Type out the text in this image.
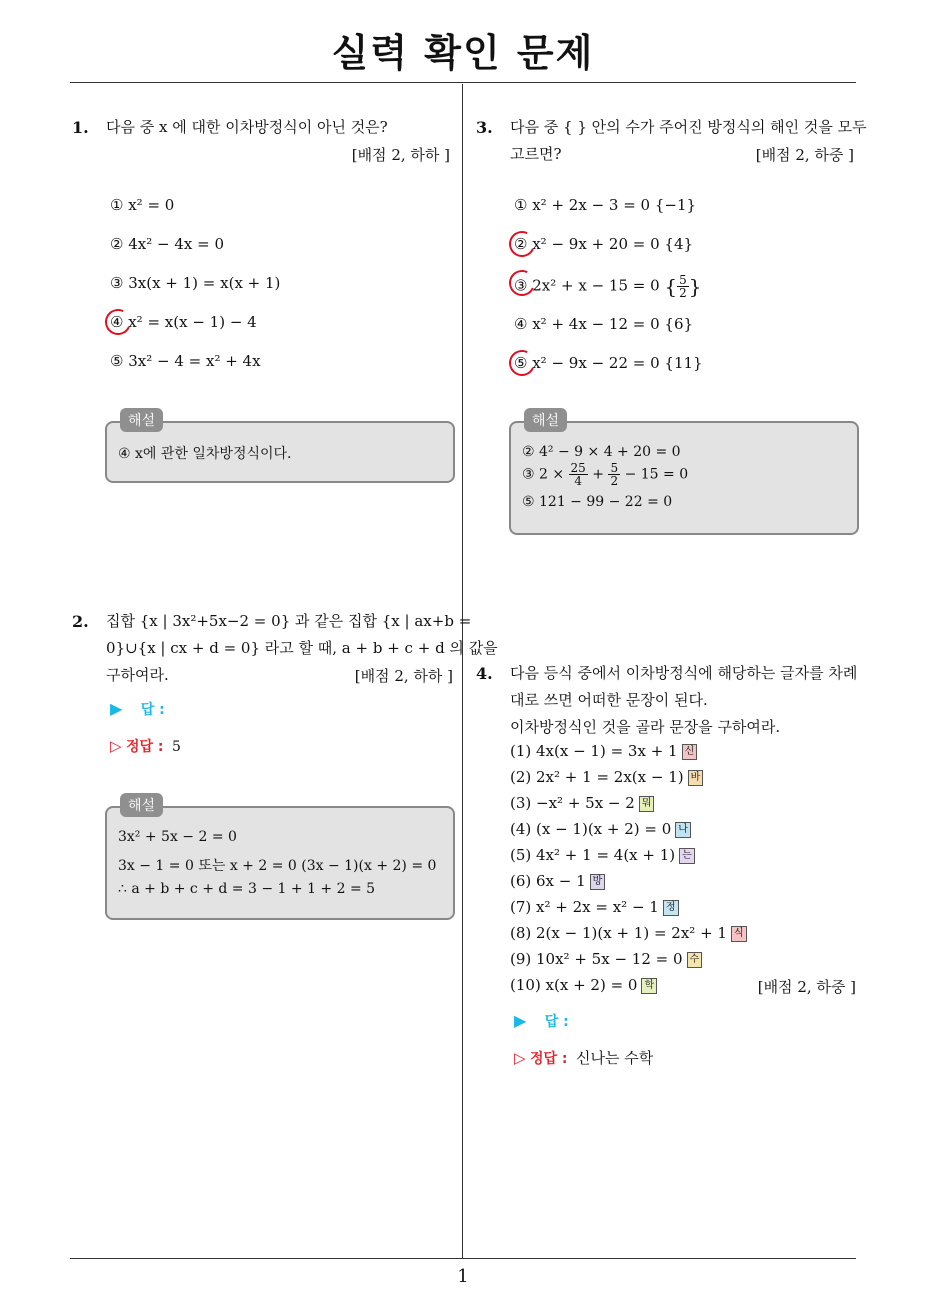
실력 확인 문제
1
1. 다음 중 x 에 대한 이차방정식이 아닌 것은?
[배점 2, 하하 ]
① x² = 0
② 4x² − 4x = 0
③ 3x(x + 1) = x(x + 1)
④ x² = x(x − 1) − 4
⑤ 3x² − 4 = x² + 4x
해설
④ x에 관한 일차방정식이다.
2. 집합 {x | 3x²+5x−2 = 0} 과 같은 집합 {x | ax+b =
0}∪{x | cx + d = 0} 라고 할 때, a + b + c + d 의 값을
구하여라.	[배점 2, 하하 ]
▶ 답 :
▷ 정답 : 5
해설
3x² + 5x − 2 = 0
3x − 1 = 0 또는 x + 2 = 0 (3x − 1)(x + 2) = 0
∴ a + b + c + d = 3 − 1 + 1 + 2 = 5
3. 다음 중 { } 안의 수가 주어진 방정식의 해인 것을 모두
고르면?	[배점 2, 하중 ]
① x² + 2x − 3 = 0 {−1}
② x² − 9x + 20 = 0 {4}
③ 2x² + x − 15 = 0 { $\frac{5}{2}$ }
④ x² + 4x − 12 = 0 {6}
⑤ x² − 9x − 22 = 0 {11}
해설
② 4² − 9 × 4 + 20 = 0
③ $2 \times \frac{25}{4} + \frac{5}{2} - 15 = 0$
⑤ 121 − 99 − 22 = 0
4. 다음 등식 중에서 이차방정식에 해당하는 글자를 차례
대로 쓰면 어떠한 문장이 된다.
이차방정식인 것을 골라 문장을 구하여라.
(1) 4x(x − 1) = 3x + 1 신
(2) 2x² + 1 = 2x(x − 1) 바
(3) −x² + 5x − 2 뭐
(4) (x − 1)(x + 2) = 0 나
(5) 4x² + 1 = 4(x + 1) 는
(6) 6x − 1 방
(7) x² + 2x = x² − 1 정
(8) 2(x − 1)(x + 1) = 2x² + 1 식
(9) 10x² + 5x − 12 = 0 수
(10) x(x + 2) = 0 학	[배점 2, 하중 ]
▶ 답 :
▷ 정답 : 신나는 수학
